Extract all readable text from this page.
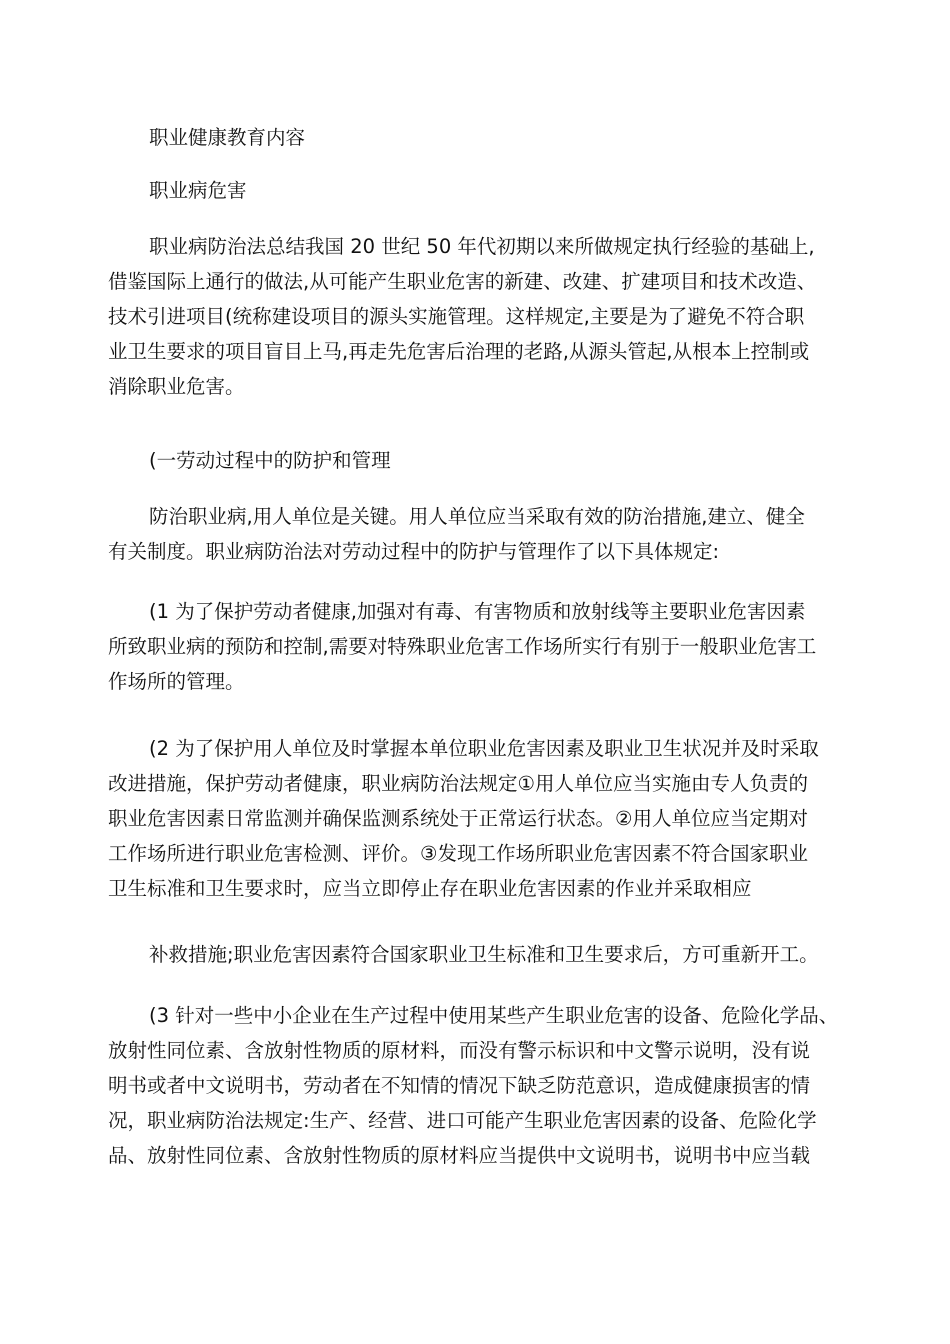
职业健康教育内容
职业病危害
职业病防治法总结我国 20 世纪 50 年代初期以来所做规定执行经验的基础上,
借鉴国际上通行的做法,从可能产生职业危害的新建、改建、扩建项目和技术改造、
技术引进项目(统称建设项目的源头实施管理。这样规定,主要是为了避免不符合职
业卫生要求的项目盲目上马,再走先危害后治理的老路,从源头管起,从根本上控制或
消除职业危害。
(一劳动过程中的防护和管理
防治职业病,用人单位是关键。用人单位应当采取有效的防治措施,建立、健全
有关制度。职业病防治法对劳动过程中的防护与管理作了以下具体规定:
(1 为了保护劳动者健康,加强对有毒、有害物质和放射线等主要职业危害因素
所致职业病的预防和控制,需要对特殊职业危害工作场所实行有别于一般职业危害工
作场所的管理。
(2 为了保护用人单位及时掌握本单位职业危害因素及职业卫生状况并及时采取
改进措施，保护劳动者健康，职业病防治法规定①用人单位应当实施由专人负责的
职业危害因素日常监测并确保监测系统处于正常运行状态。②用人单位应当定期对
工作场所进行职业危害检测、评价。③发现工作场所职业危害因素不符合国家职业
卫生标准和卫生要求时，应当立即停止存在职业危害因素的作业并采取相应
补救措施;职业危害因素符合国家职业卫生标准和卫生要求后，方可重新开工。
(3 针对一些中小企业在生产过程中使用某些产生职业危害的设备、危险化学品、
放射性同位素、含放射性物质的原材料，而没有警示标识和中文警示说明，没有说
明书或者中文说明书，劳动者在不知情的情况下缺乏防范意识，造成健康损害的情
况，职业病防治法规定:生产、经营、进口可能产生职业危害因素的设备、危险化学
品、放射性同位素、含放射性物质的原材料应当提供中文说明书，说明书中应当载
